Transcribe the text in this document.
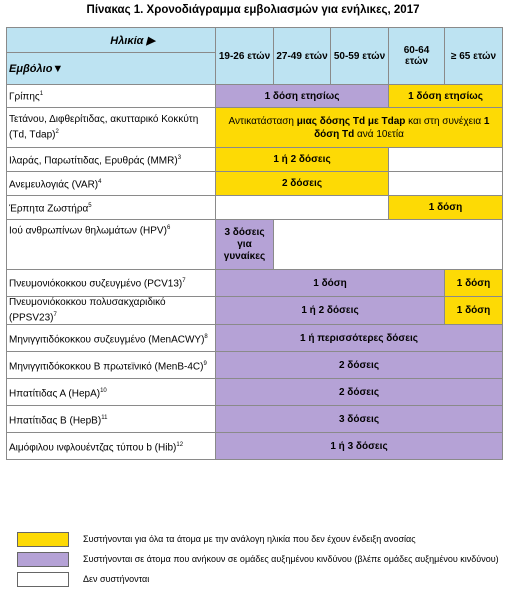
Πίνακας 1. Χρονοδιάγραμμα εμβολιασμών για ενήλικες, 2017
Ηλικία ▶	19-26 ετών	27-49 ετών	50-59 ετών	60-64 ετών	≥ 65 ετών
Εμβόλιο▼					
Γρίπης$^1$	1 δόση ετησίως			1 δόση ετησίως	
Τετάνου, Διφθερίτιδας, ακυτταρικό Κοκκύτη (Td, Tdap)$^2$	Αντικατάσταση μιας δόσης Td με Tdap και στη συνέχεια 1 δόση Td ανά 10ετία				
Ιλαράς, Παρωτίτιδας, Ερυθράς (MMR)$^3$	1 ή 2 δόσεις				
Ανεμευλογιάς (VAR)$^4$	2 δόσεις				
Έρπητα Ζωστήρα$^5$				1 δόση	
Ιού ανθρωπίνων θηλωμάτων (HPV)$^6$	3 δόσεις για γυναίκες				
Πνευμονιόκοκκου συζευγμένο $(PCV13)^7$	1 δόση				1 δόση
Πνευμονιόκοκκου πολυσακχαριδικό (PPSV23)$^7$	1 ή 2 δόσεις				1 δόση
Μηνιγγιτιδόκοκκου συζευγμένο (MenACWY)$^8$	1 ή περισσότερες δόσεις				
Μηνιγγιτιδόκοκκου Β πρωτεϊνικό (MenB-4C)$^9$	2 δόσεις				
Ηπατίτιδας Α (HepA)$^{10}$	2 δόσεις				
Ηπατίτιδας Β (HepB)$^{11}$	3 δόσεις				
Αιμόφιλου ινφλουέντζας τύπου b (Hib)$^{12}$	1 ή 3 δόσεις				
Συστήνονται για όλα τα άτομα με την ανάλογη ηλικία που δεν έχουν ένδειξη ανοσίας
Συστήνονται σε άτομα που ανήκουν σε ομάδες αυξημένου κινδύνου (βλέπε ομάδες αυξημένου κινδύνου)
Δεν συστήνονται
